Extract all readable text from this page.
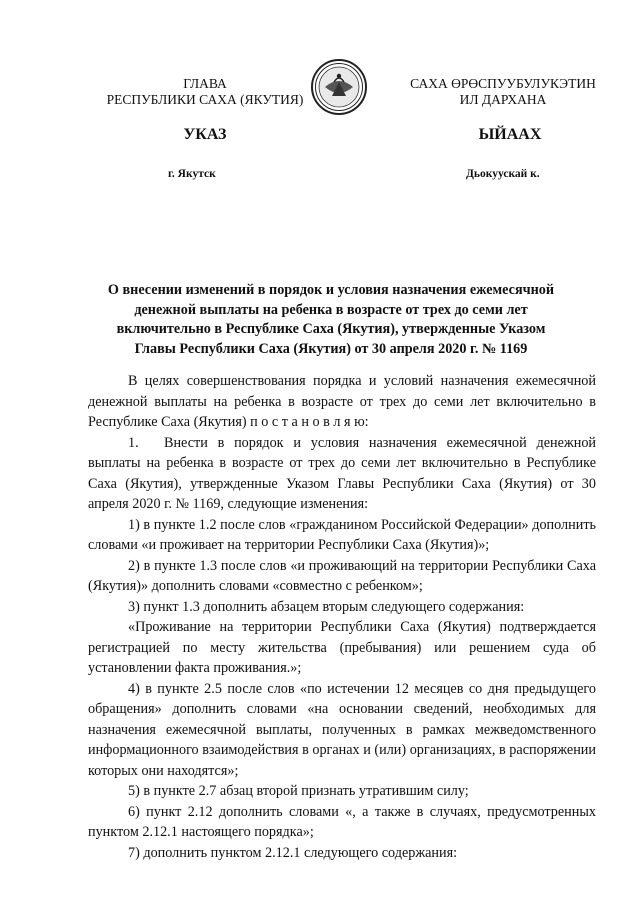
ГЛАВА
РЕСПУБЛИКИ САХА (ЯКУТИЯ)
САХА ӨРӨСПУУБУЛУКЭТИН
ИЛ ДАРХАНА
УКАЗ	ЫЙААХ
г. Якутск	Дьокуускай к.
О внесении изменений в порядок и условия назначения ежемесячной денежной выплаты на ребенка в возрасте от трех до семи лет включительно в Республике Саха (Якутия), утвержденные Указом Главы Республики Саха (Якутия) от 30 апреля 2020 г. № 1169

В целях совершенствования порядка и условий назначения ежемесячной денежной выплаты на ребенка в возрасте от трех до семи лет включительно в Республике Саха (Якутия) п о с т а н о в л я ю:

1. Внести в порядок и условия назначения ежемесячной денежной выплаты на ребенка в возрасте от трех до семи лет включительно в Республике Саха (Якутия), утвержденные Указом Главы Республики Саха (Якутия) от 30 апреля 2020 г. № 1169, следующие изменения:

1) в пункте 1.2 после слов «гражданином Российской Федерации» дополнить словами «и проживает на территории Республики Саха (Якутия)»;

2) в пункте 1.3 после слов «и проживающий на территории Республики Саха (Якутия)» дополнить словами «совместно с ребенком»;

3) пункт 1.3 дополнить абзацем вторым следующего содержания:

«Проживание на территории Республики Саха (Якутия) подтверждается регистрацией по месту жительства (пребывания) или решением суда об установлении факта проживания.»;

4) в пункте 2.5 после слов «по истечении 12 месяцев со дня предыдущего обращения» дополнить словами «на основании сведений, необходимых для назначения ежемесячной выплаты, полученных в рамках межведомственного информационного взаимодействия в органах и (или) организациях, в распоряжении которых они находятся»;

5) в пункте 2.7 абзац второй признать утратившим силу;

6) пункт 2.12 дополнить словами «, а также в случаях, предусмотренных пунктом 2.12.1 настоящего порядка»;

7) дополнить пунктом 2.12.1 следующего содержания:
